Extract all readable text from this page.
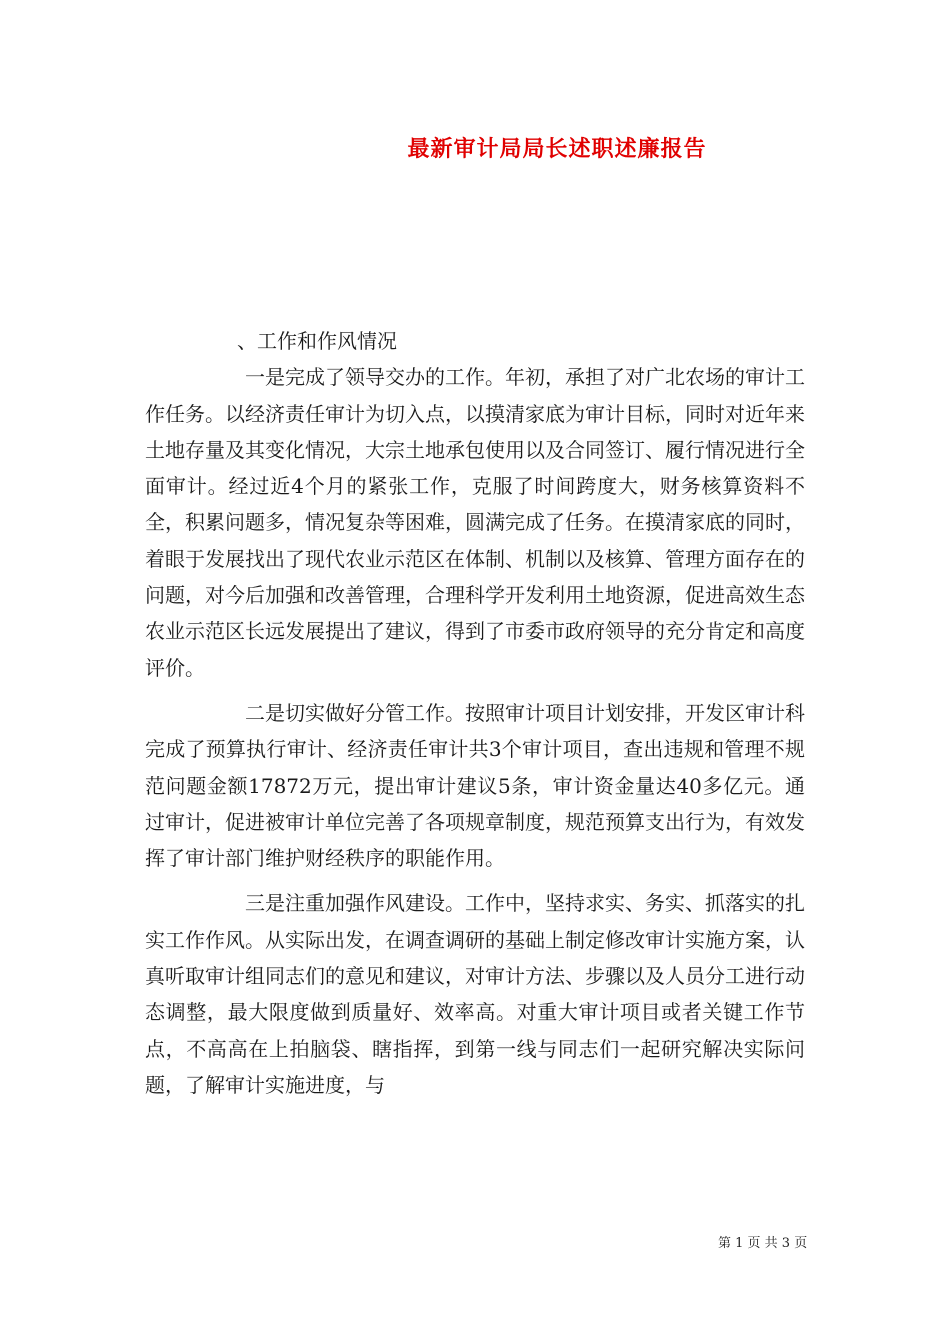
最新审计局局长述职述廉报告

、工作和作风情况

一是完成了领导交办的工作。年初，承担了对广北农场的审计工作任务。以经济责任审计为切入点，以摸清家底为审计目标，同时对近年来土地存量及其变化情况，大宗土地承包使用以及合同签订、履行情况进行全面审计。经过近4个月的紧张工作，克服了时间跨度大，财务核算资料不全，积累问题多，情况复杂等困难，圆满完成了任务。在摸清家底的同时，着眼于发展找出了现代农业示范区在体制、机制以及核算、管理方面存在的问题，对今后加强和改善管理，合理科学开发利用土地资源，促进高效生态农业示范区长远发展提出了建议，得到了市委市政府领导的充分肯定和高度评价。

二是切实做好分管工作。按照审计项目计划安排，开发区审计科完成了预算执行审计、经济责任审计共3个审计项目，查出违规和管理不规范问题金额17872万元，提出审计建议5条，审计资金量达40多亿元。通过审计，促进被审计单位完善了各项规章制度，规范预算支出行为，有效发挥了审计部门维护财经秩序的职能作用。

三是注重加强作风建设。工作中，坚持求实、务实、抓落实的扎实工作作风。从实际出发，在调查调研的基础上制定修改审计实施方案，认真听取审计组同志们的意见和建议，对审计方法、步骤以及人员分工进行动态调整，最大限度做到质量好、效率高。对重大审计项目或者关键工作节点，不高高在上拍脑袋、瞎指挥，到第一线与同志们一起研究解决实际问题，了解审计实施进度，与

第 1 页 共 3 页
